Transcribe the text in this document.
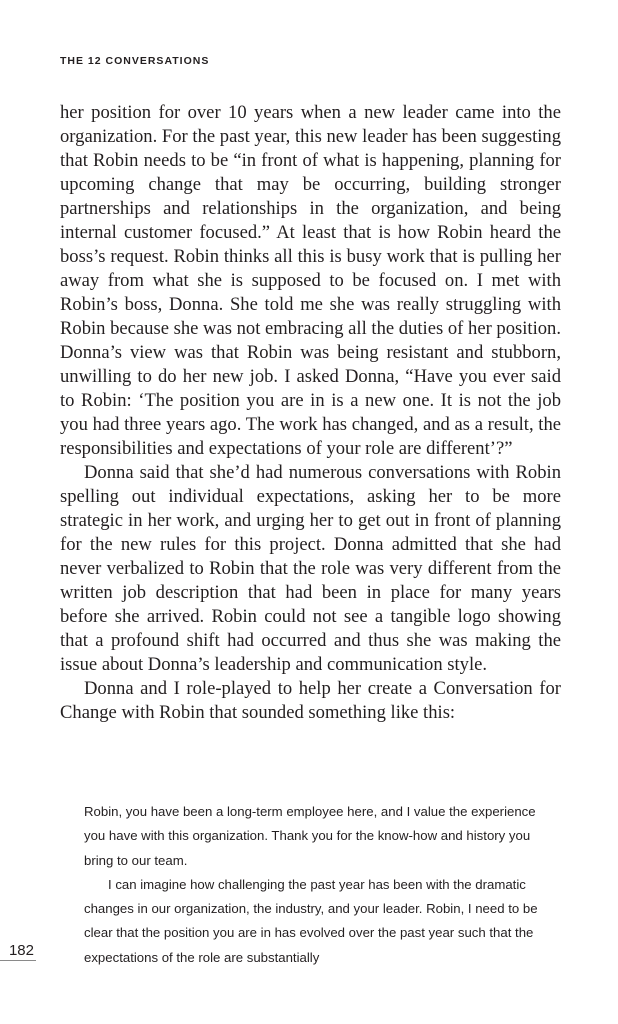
THE 12 CONVERSATIONS

her position for over 10 years when a new leader came into the organization. For the past year, this new leader has been suggesting that Robin needs to be “in front of what is happening, planning for upcoming change that may be occurring, building stronger partnerships and relationships in the organization, and being internal customer focused.” At least that is how Robin heard the boss’s request. Robin thinks all this is busy work that is pulling her away from what she is supposed to be focused on. I met with Robin’s boss, Donna. She told me she was really struggling with Robin because she was not embracing all the duties of her position. Donna’s view was that Robin was being resistant and stubborn, unwilling to do her new job. I asked Donna, “Have you ever said to Robin: ‘The position you are in is a new one. It is not the job you had three years ago. The work has changed, and as a result, the responsibilities and expectations of your role are different’?”

Donna said that she’d had numerous conversations with Robin spelling out individual expectations, asking her to be more strategic in her work, and urging her to get out in front of planning for the new rules for this project. Donna admitted that she had never verbalized to Robin that the role was very different from the written job description that had been in place for many years before she arrived. Robin could not see a tangible logo showing that a profound shift had occurred and thus she was making the issue about Donna’s leadership and communication style.

Donna and I role-played to help her create a Conversation for Change with Robin that sounded something like this:

Robin, you have been a long-term employee here, and I value the experience you have with this organization. Thank you for the know-how and history you bring to our team.

I can imagine how challenging the past year has been with the dramatic changes in our organization, the industry, and your leader. Robin, I need to be clear that the position you are in has evolved over the past year such that the expectations of the role are substantially

182
